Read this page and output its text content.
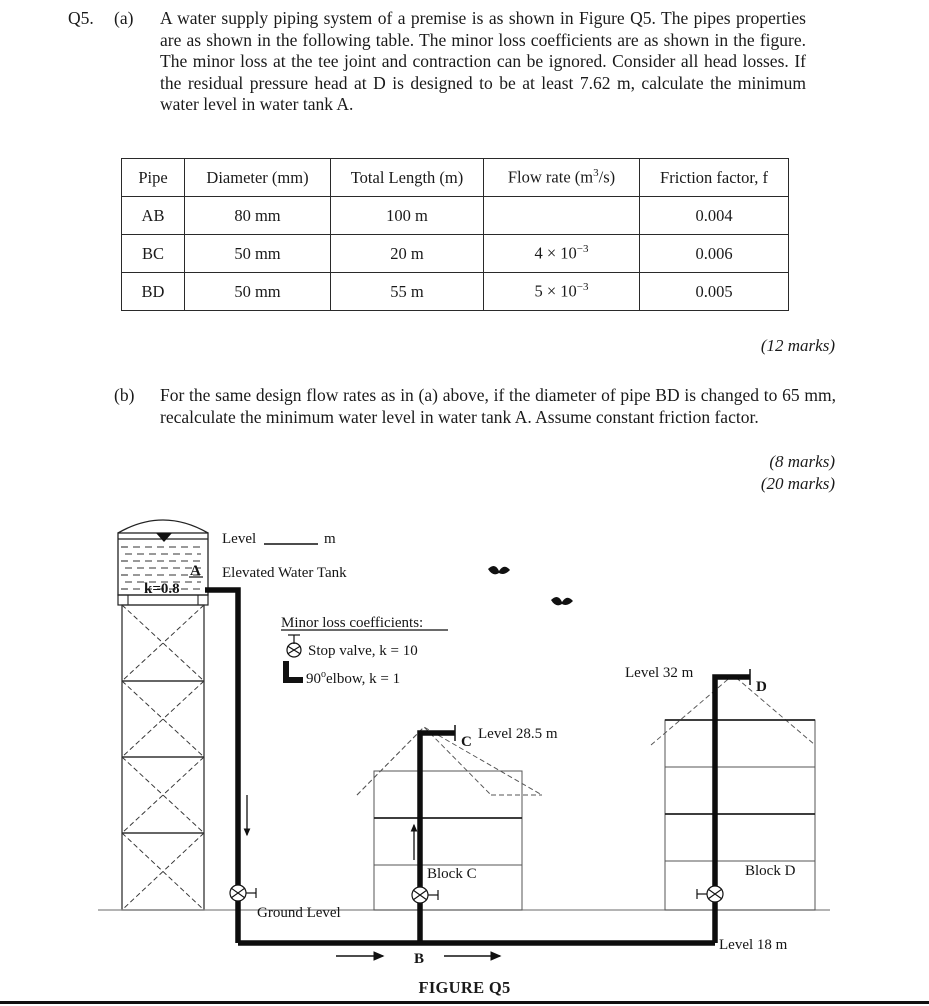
Q5.	(a)	A water supply piping system of a premise is as shown in Figure Q5. The pipes properties are as shown in the following table. The minor loss coefficients are as shown in the figure. The minor loss at the tee joint and contraction can be ignored. Consider all head losses. If the residual pressure head at D is designed to be at least 7.62 m, calculate the minimum water level in water tank A.
Pipe	Diameter (mm)	Total Length (m)	Flow rate $(m^3/s)$	Friction factor, f
AB	80 mm	100 m		0.004
BC	50 mm	20 m	$4 \times 10^{-3}$	0.006
BD	50 mm	55 m	$5 \times 10^{-3}$	0.005
(12 marks)
(b)	For the same design flow rates as in (a) above, if the diameter of pipe BD is changed to 65 mm, recalculate the minimum water level in water tank A. Assume constant friction factor.
(8 marks)
(20 marks)
A
k=0.8
Level	m
Elevated Water Tank
Minor loss coefficients:
Stop valve, k = 10
90$^o$elbow, k = 1
Ground Level
Block C	Block D
C Level 28.5 m
D
Level 32 m
B
Level 18 m
FIGURE Q5
